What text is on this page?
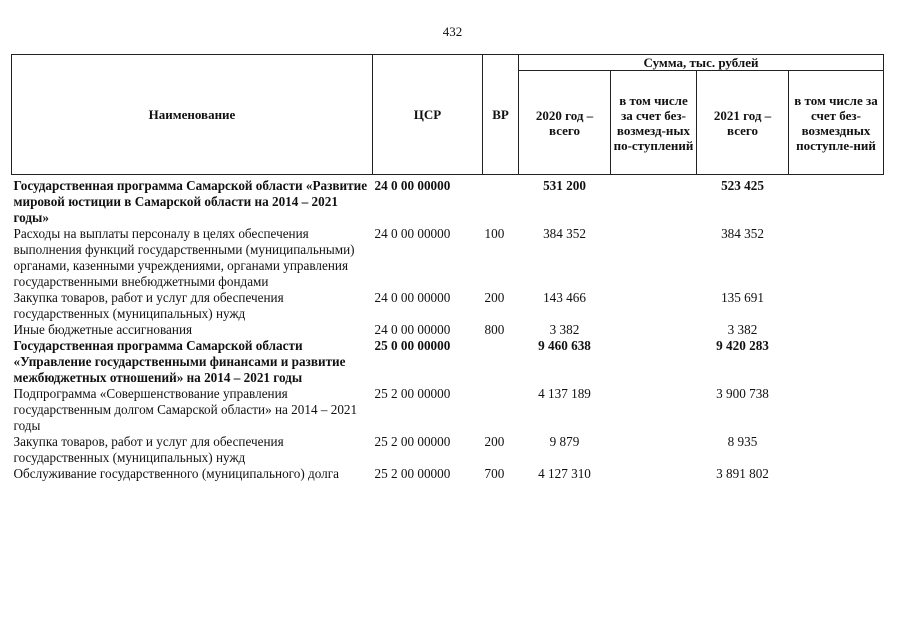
432
Наименование	ЦСР	ВР	Сумма, тыс. рублей			
			2020 год – всего	в том числе за счет без-возмезд-ных по-ступлений	2021 год – всего	в том числе за счет без-возмездных поступле-ний
Государственная программа Самарской области «Развитие мировой юстиции в Самарской области на 2014 – 2021 годы»	24 0 00 00000		531 200		523 425	
Расходы на выплаты персоналу в целях обеспечения выполнения функций государственными (муниципальными) органами, казенными учреждениями, органами управления государственными внебюджетными фондами	24 0 00 00000	100	384 352		384 352	
Закупка товаров, работ и услуг для обеспечения государственных (муниципальных) нужд	24 0 00 00000	200	143 466		135 691	
Иные бюджетные ассигнования	24 0 00 00000	800	3 382		3 382	
Государственная программа Самарской области «Управление государственными финансами и развитие межбюджетных отношений» на 2014 – 2021 годы	25 0 00 00000		9 460 638		9 420 283	
Подпрограмма «Совершенствование управления государственным долгом Самарской области» на 2014 – 2021 годы	25 2 00 00000		4 137 189		3 900 738	
Закупка товаров, работ и услуг для обеспечения государственных (муниципальных) нужд	25 2 00 00000	200	9 879		8 935	
Обслуживание государственного (муниципального) долга	25 2 00 00000	700	4 127 310		3 891 802	
